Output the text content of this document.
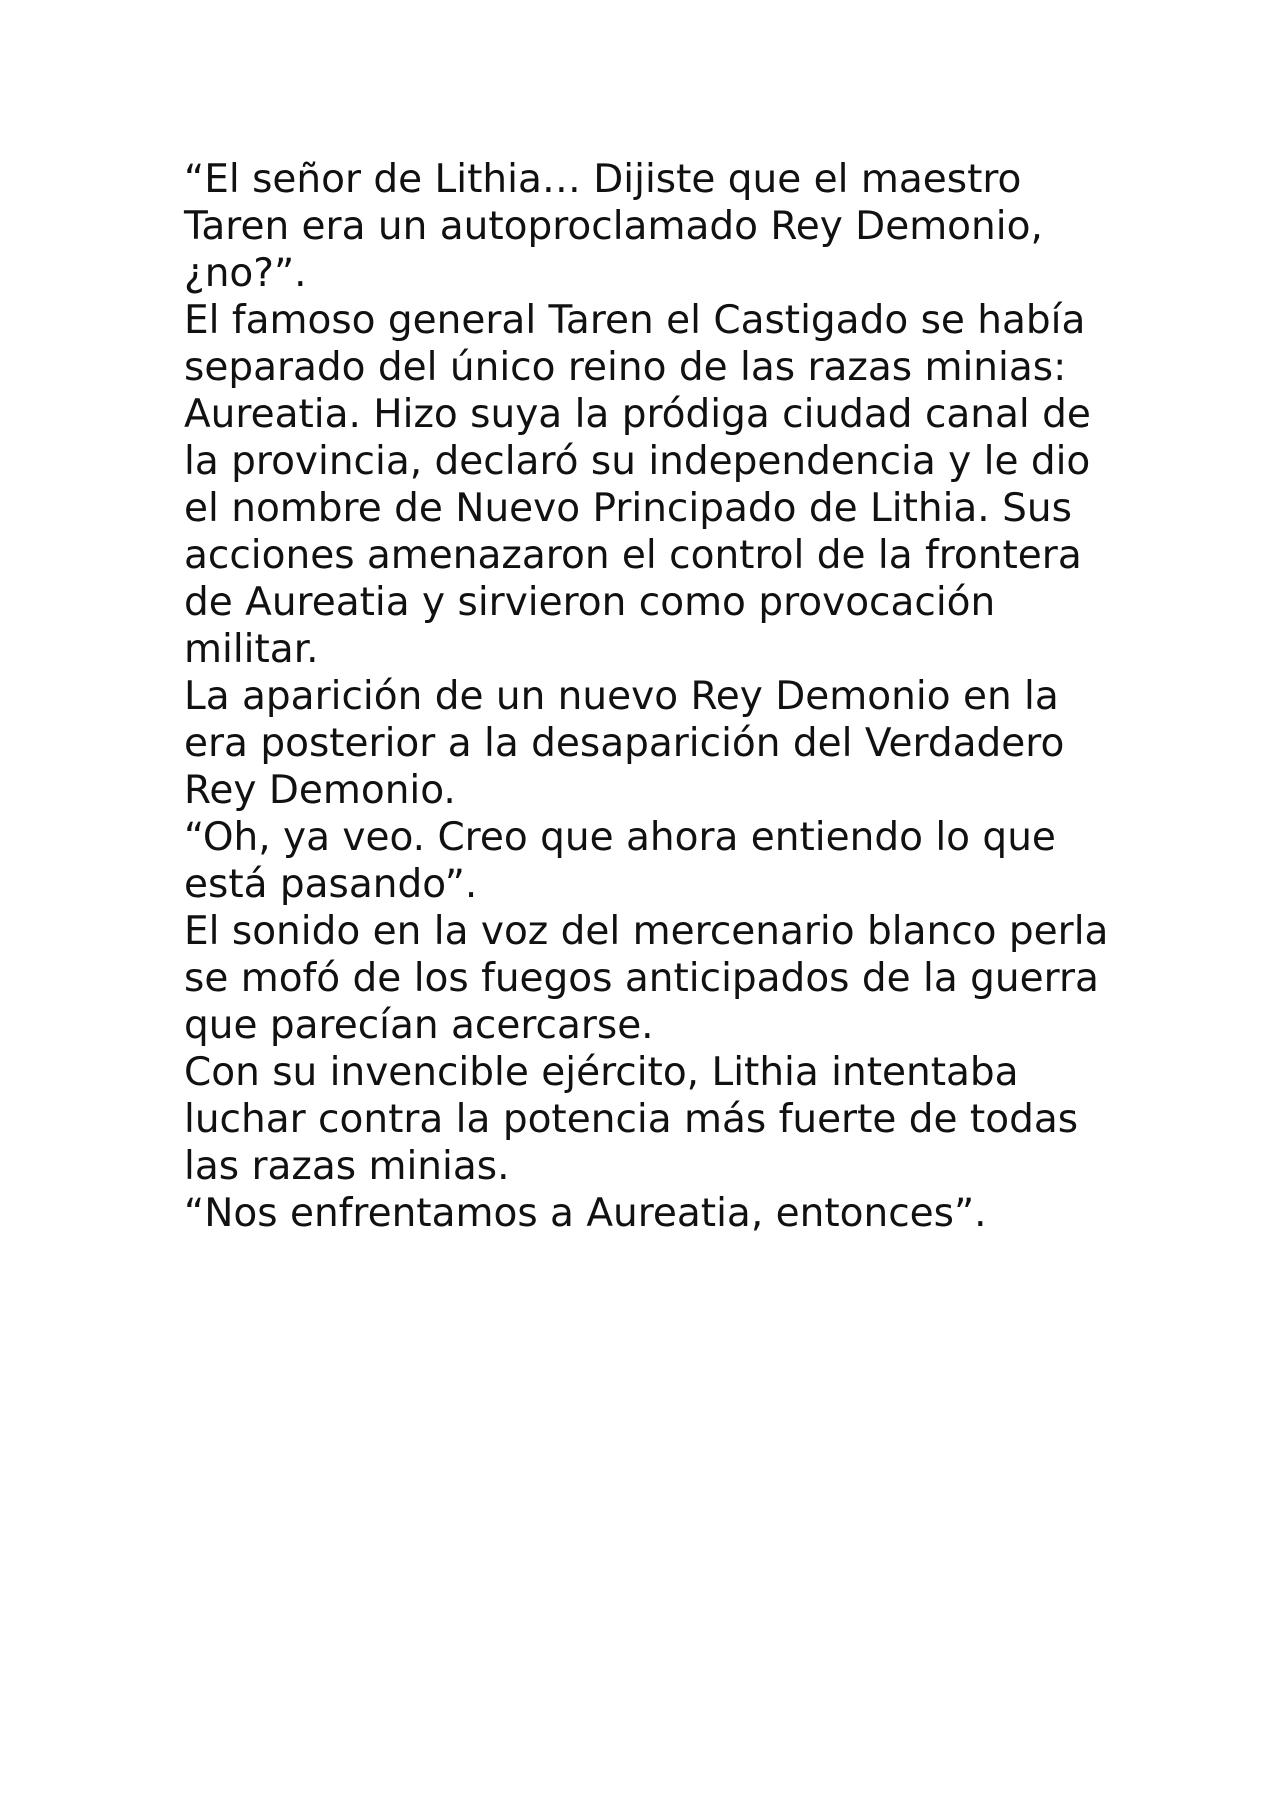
“El señor de Lithia… Dijiste que el maestro Taren era un autoproclamado Rey Demonio, ¿no?”.

El famoso general Taren el Castigado se había separado del único reino de las razas minias: Aureatia. Hizo suya la pródiga ciudad canal de la provincia, declaró su independencia y le dio el nombre de Nuevo Principado de Lithia. Sus acciones amenazaron el control de la frontera de Aureatia y sirvieron como provocación militar.

La aparición de un nuevo Rey Demonio en la era posterior a la desaparición del Verdadero Rey Demonio.

“Oh, ya veo. Creo que ahora entiendo lo que está pasando”.

El sonido en la voz del mercenario blanco perla se mofó de los fuegos anticipados de la guerra que parecían acercarse.

Con su invencible ejército, Lithia intentaba luchar contra la potencia más fuerte de todas las razas minias.

“Nos enfrentamos a Aureatia, entonces”.
